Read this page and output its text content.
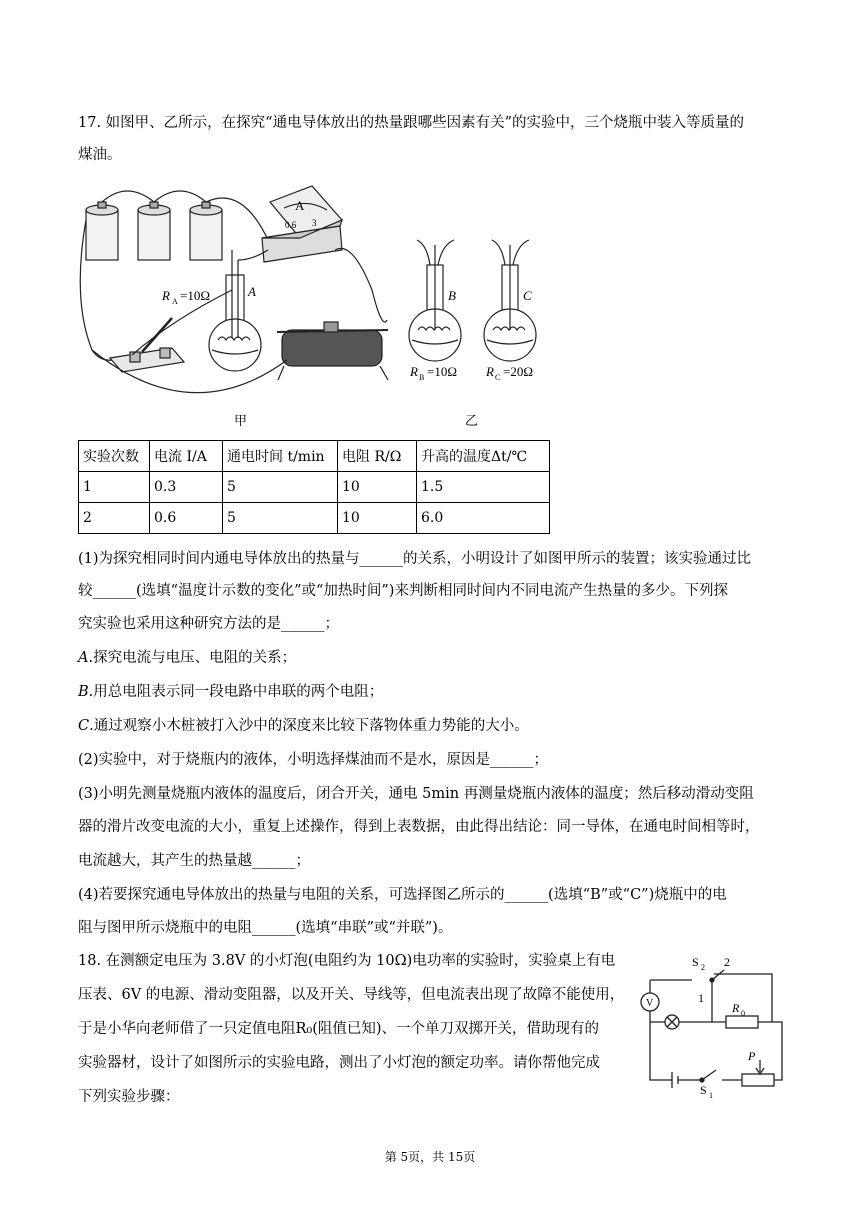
17. 如图甲、乙所示，在探究“通电导体放出的热量跟哪些因素有关”的实验中，三个烧瓶中装入等质量的

煤油。

A
0.6 3
R A =10Ω	A	B	C
R B =10Ω R C =20Ω
甲	乙
实验次数	电流 I/A	通电时间 t/min	电阻 R/Ω	升高的温度Δt/℃
1	0.3	5	10	1.5
2	0.6	5	10	6.0

(1)为探究相同时间内通电导体放出的热量与______的关系，小明设计了如图甲所示的装置；该实验通过比

较______(选填“温度计示数的变化”或“加热时间”)来判断相同时间内不同电流产生热量的多少。下列探

究实验也采用这种研究方法的是______；

A.探究电流与电压、电阻的关系；

B.用总电阻表示同一段电路中串联的两个电阻；

C.通过观察小木桩被打入沙中的深度来比较下落物体重力势能的大小。

(2)实验中，对于烧瓶内的液体，小明选择煤油而不是水，原因是______；

(3)小明先测量烧瓶内液体的温度后，闭合开关，通电 5min 再测量烧瓶内液体的温度；然后移动滑动变阻

器的滑片改变电流的大小，重复上述操作，得到上表数据，由此得出结论：同一导体，在通电时间相等时，

电流越大，其产生的热量越______；

(4)若要探究通电导体放出的热量与电阻的关系，可选择图乙所示的______(选填“B”或“C”)烧瓶中的电

阻与图甲所示烧瓶中的电阻______(选填“串联”或“并联”)。

18. 在测额定电压为 3.8V 的小灯泡(电阻约为 10Ω)电功率的实验时，实验桌上有电

压表、6V 的电源、滑动变阻器，以及开关、导线等，但电流表出现了故障不能使用，

于是小华向老师借了一只定值电阻R₀(阻值已知)、一个单刀双掷开关，借助现有的

实验器材，设计了如图所示的实验电路，测出了小灯泡的额定功率。请你帮他完成

下列实验步骤：

S 2 2
1
R 0
V
P
S 1
第 5页，共 15页
